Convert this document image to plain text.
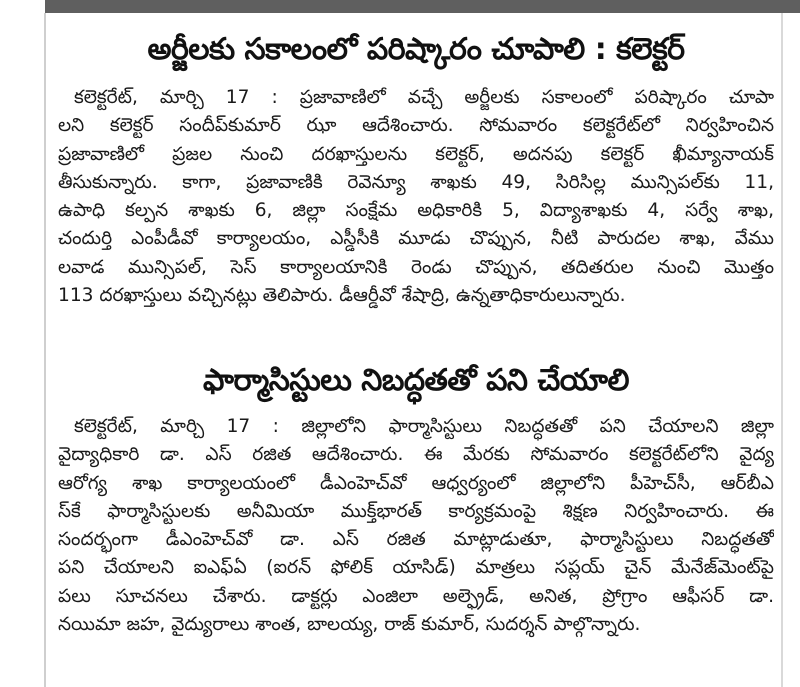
అర్జీలకు సకాలంలో పరిష్కారం చూపాలి : కలెక్టర్

కలెక్టరేట్, మార్చి 17 : ప్రజావాణిలో వచ్చే అర్జీలకు సకాలంలో పరిష్కారం చూపా

లని కలెక్టర్ సందీప్‌కుమార్ ఝా ఆదేశించారు. సోమవారం కలెక్టరేట్‌లో నిర్వహించిన

ప్రజావాణిలో ప్రజల నుంచి దరఖాస్తులను కలెక్టర్, అదనపు కలెక్టర్ ఖీమ్యానాయక్

తీసుకున్నారు. కాగా, ప్రజావాణికి రెవెన్యూ శాఖకు 49, సిరిసిల్ల మున్సిపల్‌కు 11,

ఉపాధి కల్పన శాఖకు 6, జిల్లా సంక్షేమ అధికారికి 5, విద్యాశాఖకు 4, సర్వే శాఖ,

చందుర్తి ఎంపీడీవో కార్యాలయం, ఎస్డీసీకి మూడు చొప్పున, నీటి పారుదల శాఖ, వేము

లవాడ మున్సిపల్, సెస్ కార్యాలయానికి రెండు చొప్పున, తదితరుల నుంచి మొత్తం

113 దరఖాస్తులు వచ్చినట్లు తెలిపారు. డీఆర్డీవో శేషాద్రి, ఉన్నతాధికారులున్నారు.

ఫార్మాసిస్టులు నిబద్ధతతో పని చేయాలి

కలెక్టరేట్, మార్చి 17 : జిల్లాలోని ఫార్మాసిస్టులు నిబద్ధతతో పని చేయాలని జిల్లా

వైద్యాధికారి డా. ఎస్ రజిత ఆదేశించారు. ఈ మేరకు సోమవారం కలెక్టరేట్‌లోని వైద్య

ఆరోగ్య శాఖ కార్యాలయంలో డీఎంహెచ్‌వో ఆధ్వర్యంలో జిల్లాలోని పీహెచ్‌సీ, ఆర్‌బీఎ

స్‌కే ఫార్మాసిస్టులకు అనీమియా ముక్త్‌భారత్ కార్యక్రమంపై శిక్షణ నిర్వహించారు. ఈ

సందర్భంగా డీఎంహెచ్‌వో డా. ఎస్ రజిత మాట్లాడుతూ, ఫార్మాసిస్టులు నిబద్ధతతో

పని చేయాలని ఐఎఫ్ఏ (ఐరన్ ఫోలిక్ యాసిడ్) మాత్రలు సప్లయ్ చైన్ మేనేజ్‌మెంట్‌పై

పలు సూచనలు చేశారు. డాక్టర్లు ఎంజిలా అల్ఫ్రెడ్, అనిత, ప్రోగ్రాం ఆఫీసర్ డా.

నయిమా జహ, వైద్యురాలు శాంత, బాలయ్య, రాజ్ కుమార్, సుదర్శన్ పాల్గొన్నారు.
